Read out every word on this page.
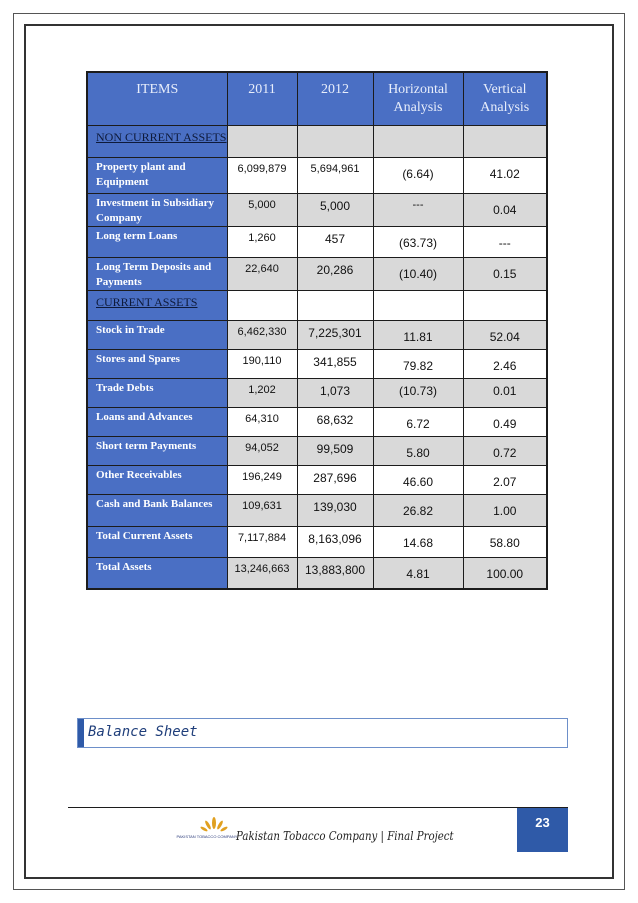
ITEMS	2011	2012	Horizontal Analysis	Vertical Analysis
NON CURRENT ASSETS				
Property plant and Equipment	6,099,879	5,694,961	(6.64)	41.02
Investment in Subsidiary Company	5,000	5,000	---	0.04
Long term Loans	1,260	457	(63.73)	---
Long Term Deposits and Payments	22,640	20,286	(10.40)	0.15
CURRENT ASSETS				
Stock in Trade	6,462,330	7,225,301	11.81	52.04
Stores and Spares	190,110	341,855	79.82	2.46
Trade Debts	1,202	1,073	(10.73)	0.01
Loans and Advances	64,310	68,632	6.72	0.49
Short term Payments	94,052	99,509	5.80	0.72
Other Receivables	196,249	287,696	46.60	2.07
Cash and Bank Balances	109,631	139,030	26.82	1.00
Total Current Assets	7,117,884	8,163,096	14.68	58.80
Total Assets	13,246,663	13,883,800	4.81	100.00
Balance Sheet
PAKISTAN TOBACCO COMPANY
Pakistan Tobacco Company | Final Project
23
